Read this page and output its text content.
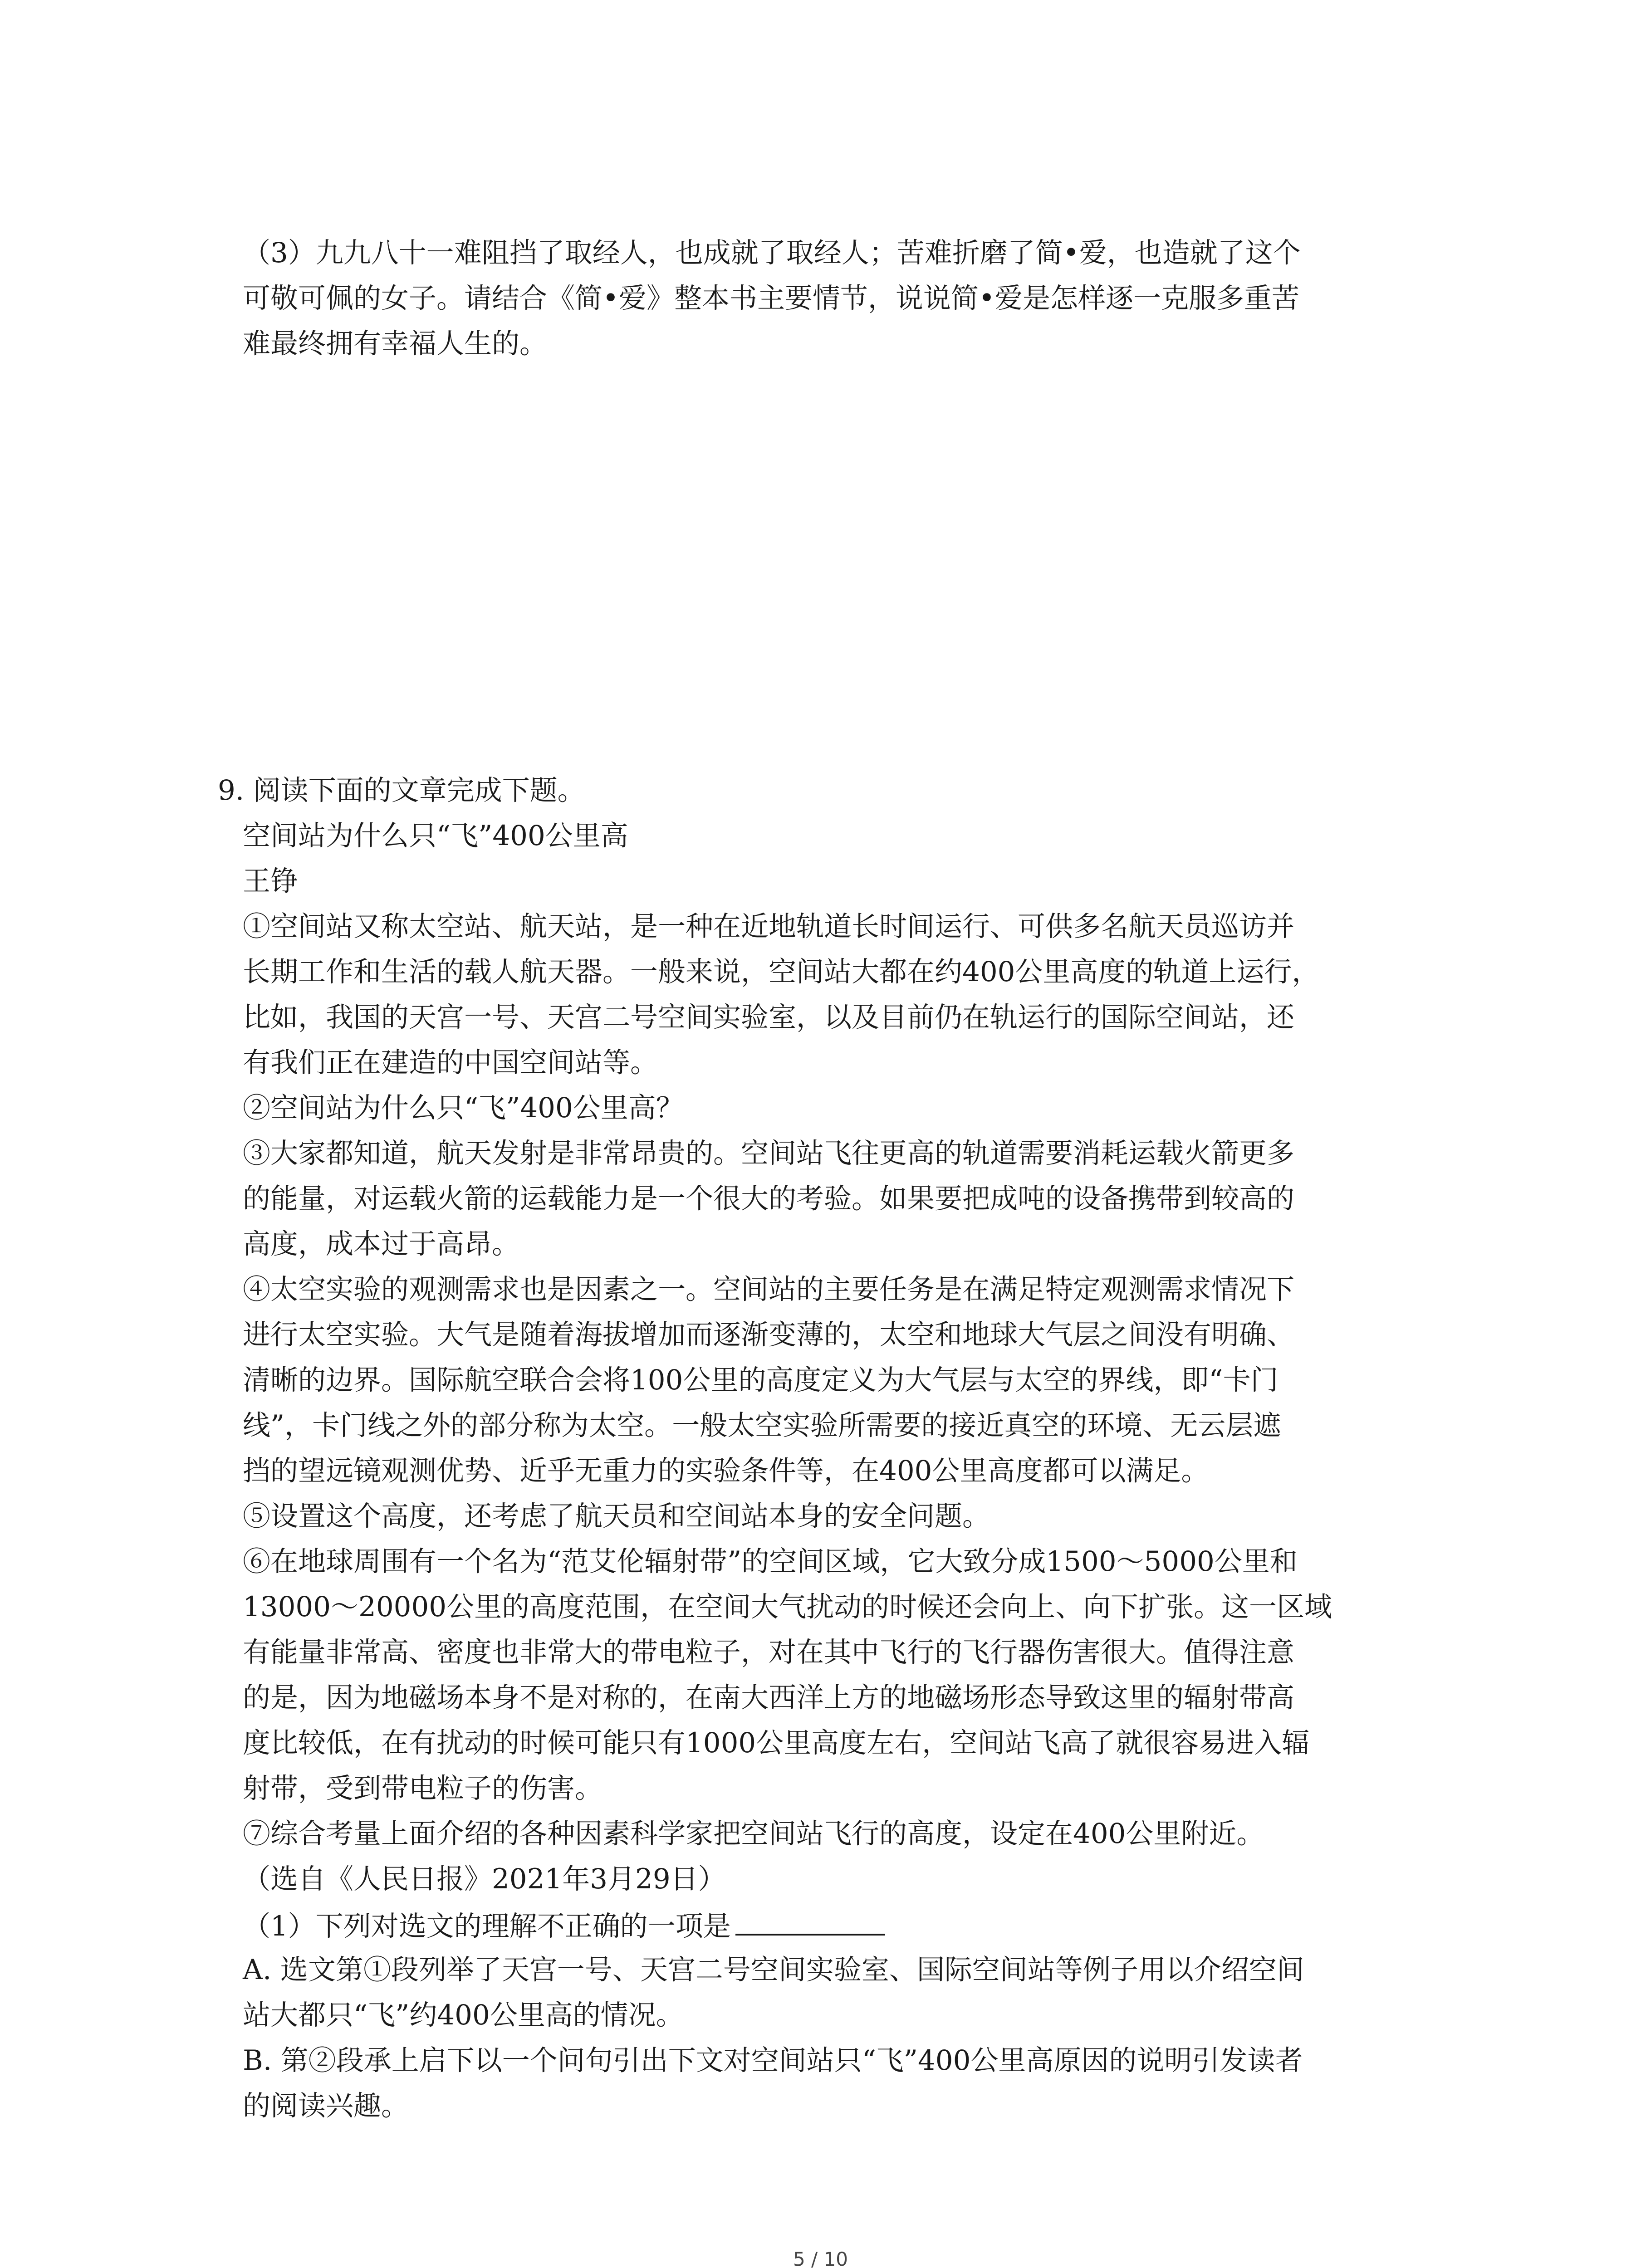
（3）九九八十一难阻挡了取经人，也成就了取经人；苦难折磨了简•爱，也造就了这个
可敬可佩的女子。请结合《简•爱》整本书主要情节，说说简•爱是怎样逐一克服多重苦
难最终拥有幸福人生的。
9. 阅读下面的文章完成下题。
空间站为什么只“飞”400公里高
王铮
①空间站又称太空站、航天站，是一种在近地轨道长时间运行、可供多名航天员巡访并
长期工作和生活的载人航天器。一般来说，空间站大都在约400公里高度的轨道上运行，
比如，我国的天宫一号、天宫二号空间实验室，以及目前仍在轨运行的国际空间站，还
有我们正在建造的中国空间站等。
②空间站为什么只“飞”400公里高？
③大家都知道，航天发射是非常昂贵的。空间站飞往更高的轨道需要消耗运载火箭更多
的能量，对运载火箭的运载能力是一个很大的考验。如果要把成吨的设备携带到较高的
高度，成本过于高昂。
④太空实验的观测需求也是因素之一。空间站的主要任务是在满足特定观测需求情况下
进行太空实验。大气是随着海拔增加而逐渐变薄的，太空和地球大气层之间没有明确、
清晰的边界。国际航空联合会将100公里的高度定义为大气层与太空的界线，即“卡门
线”，卡门线之外的部分称为太空。一般太空实验所需要的接近真空的环境、无云层遮
挡的望远镜观测优势、近乎无重力的实验条件等，在400公里高度都可以满足。
⑤设置这个高度，还考虑了航天员和空间站本身的安全问题。
⑥在地球周围有一个名为“范艾伦辐射带”的空间区域，它大致分成1500～5000公里和
13000～20000公里的高度范围，在空间大气扰动的时候还会向上、向下扩张。这一区域
有能量非常高、密度也非常大的带电粒子，对在其中飞行的飞行器伤害很大。值得注意
的是，因为地磁场本身不是对称的，在南大西洋上方的地磁场形态导致这里的辐射带高
度比较低，在有扰动的时候可能只有1000公里高度左右，空间站飞高了就很容易进入辐
射带，受到带电粒子的伤害。
⑦综合考量上面介绍的各种因素科学家把空间站飞行的高度，设定在400公里附近。
（选自《人民日报》2021年3月29日）
（1）下列对选文的理解不正确的一项是
A. 选文第①段列举了天宫一号、天宫二号空间实验室、国际空间站等例子用以介绍空间
站大都只“飞”约400公里高的情况。
B. 第②段承上启下以一个问句引出下文对空间站只“飞”400公里高原因的说明引发读者
的阅读兴趣。
5 / 10
